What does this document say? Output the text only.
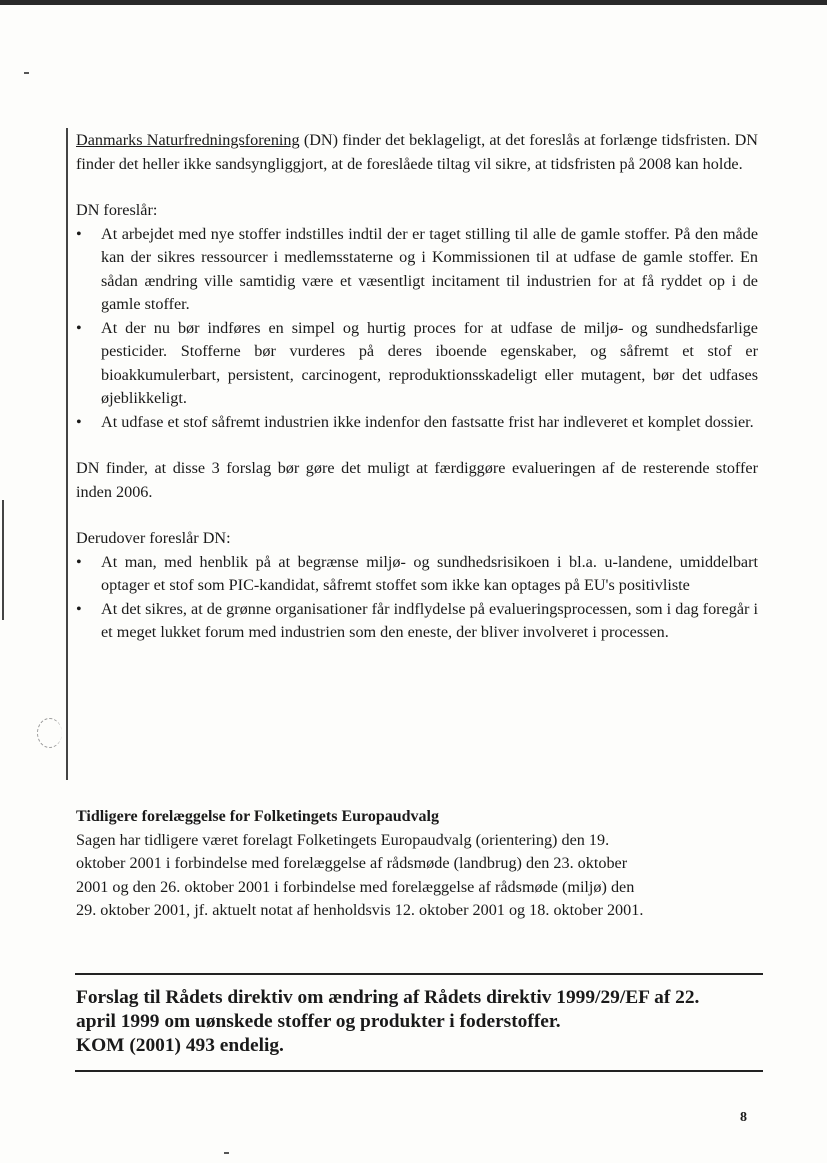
Danmarks Naturfredningsforening (DN) finder det beklageligt, at det foreslås at forlænge tidsfristen. DN finder det heller ikke sandsyngliggjort, at de foreslåede tiltag vil sikre, at tidsfristen på 2008 kan holde.

DN foreslår:

• At arbejdet med nye stoffer indstilles indtil der er taget stilling til alle de gamle stoffer. På den måde kan der sikres ressourcer i medlemsstaterne og i Kommissionen til at udfase de gamle stoffer. En sådan ændring ville samtidig være et væsentligt incitament til industrien for at få ryddet op i de gamle stoffer.
• At der nu bør indføres en simpel og hurtig proces for at udfase de miljø- og sundhedsfarlige pesticider. Stofferne bør vurderes på deres iboende egenskaber, og såfremt et stof er bioakkumulerbart, persistent, carcinogent, reproduktionsskadeligt eller mutagent, bør det udfases øjeblikkeligt.
• At udfase et stof såfremt industrien ikke indenfor den fastsatte frist har indleveret et komplet dossier.

DN finder, at disse 3 forslag bør gøre det muligt at færdiggøre evalueringen af de resterende stoffer inden 2006.

Derudover foreslår DN:

• At man, med henblik på at begrænse miljø- og sundhedsrisikoen i bl.a. u-landene, umiddelbart optager et stof som PIC-kandidat, såfremt stoffet som ikke kan optages på EU's positivliste
• At det sikres, at de grønne organisationer får indflydelse på evalueringsprocessen, som i dag foregår i et meget lukket forum med industrien som den eneste, der bliver involveret i processen.
Tidligere forelæggelse for Folketingets Europaudvalg
Sagen har tidligere været forelagt Folketingets Europaudvalg (orientering) den 19.
oktober 2001 i forbindelse med forelæggelse af rådsmøde (landbrug) den 23. oktober
2001 og den 26. oktober 2001 i forbindelse med forelæggelse af rådsmøde (miljø) den
29. oktober 2001, jf. aktuelt notat af henholdsvis 12. oktober 2001 og 18. oktober 2001.
Forslag til Rådets direktiv om ændring af Rådets direktiv 1999/29/EF af 22.
april 1999 om uønskede stoffer og produkter i foderstoffer.
KOM (2001) 493 endelig.
8
